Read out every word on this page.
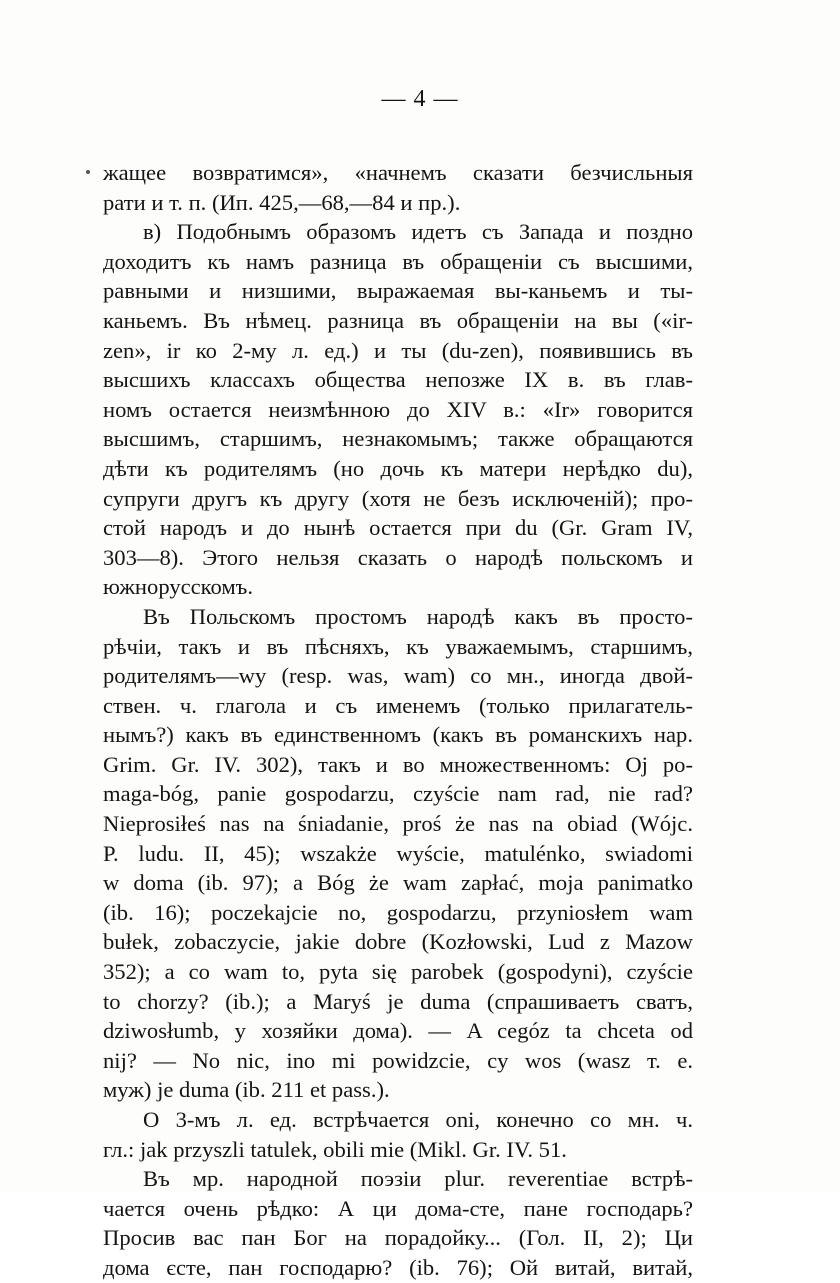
— 4 —
жащее возвратимся», «начнемъ сказати безчисльныя
рати и т. п. (Ип. 425,—68,—84 и пр.).
в) Подобнымъ образомъ идетъ съ Запада и поздно
доходитъ къ намъ разница въ обращеніи съ высшими,
равными и низшими, выражаемая вы-каньемъ и ты-
каньемъ. Въ нѣмец. разница въ обращеніи на вы («ir-
zen», ir ко 2-му л. ед.) и ты (du-zen), появившись въ
высшихъ классахъ общества непозже IX в. въ глав-
номъ остается неизмѣнною до XIV в.: «Ir» говорится
высшимъ, старшимъ, незнакомымъ; также обращаются
дѣти къ родителямъ (но дочь къ матери нерѣдко du),
супруги другъ къ другу (хотя не безъ исключеній); про-
стой народъ и до нынѣ остается при du (Gr. Gram IV,
303—8). Этого нельзя сказать о народѣ польскомъ и
южнорусскомъ.
Въ Польскомъ простомъ народѣ какъ въ просто-
рѣчіи, такъ и въ пѣсняхъ, къ уважаемымъ, старшимъ,
родителямъ—wy (resp. was, wam) со мн., иногда двой-
ствен. ч. глагола и съ именемъ (только прилагатель-
нымъ?) какъ въ единственномъ (какъ въ романскихъ нар.
Grim. Gr. IV. 302), такъ и во множественномъ: Oj po-
maga-bóg, panie gospodarzu, czyście nam rad, nie rad?
Nieprosiłeś nas na śniadanie, proś że nas na obiad (Wójc.
P. ludu. II, 45); wszakże wyście, matulénko, swiadomi
w doma (ib. 97); a Bóg że wam zapłać, moja panimatko
(ib. 16); poczekajcie no, gospodarzu, przyniosłem wam
bułek, zobaczycie, jakie dobre (Kozłowski, Lud z Mazow
352); a co wam to, pyta się parobek (gospodyni), czyście
to chorzy? (ib.); a Maryś je duma (спрашиваетъ сватъ,
dziwosłumb, у хозяйки дома). — A cegóz ta chceta od
nij? — No nic, ino mi powidzcie, cy wos (wasz т. е.
муж) je duma (ib. 211 et pass.).
О 3-мъ л. ед. встрѣчается oni, конечно со мн. ч.
гл.: jak przyszli tatulek, obili mie (Mikl. Gr. IV. 51.
Въ мр. народной поэзіи plur. reverentiae встрѣ-
чается очень рѣдко: А ци дома-сте, пане господарь?
Просив вас пан Бог на порадойку... (Гол. II, 2); Ци
дома єсте, пан господарю? (ib. 76); Ой витай, витай,
